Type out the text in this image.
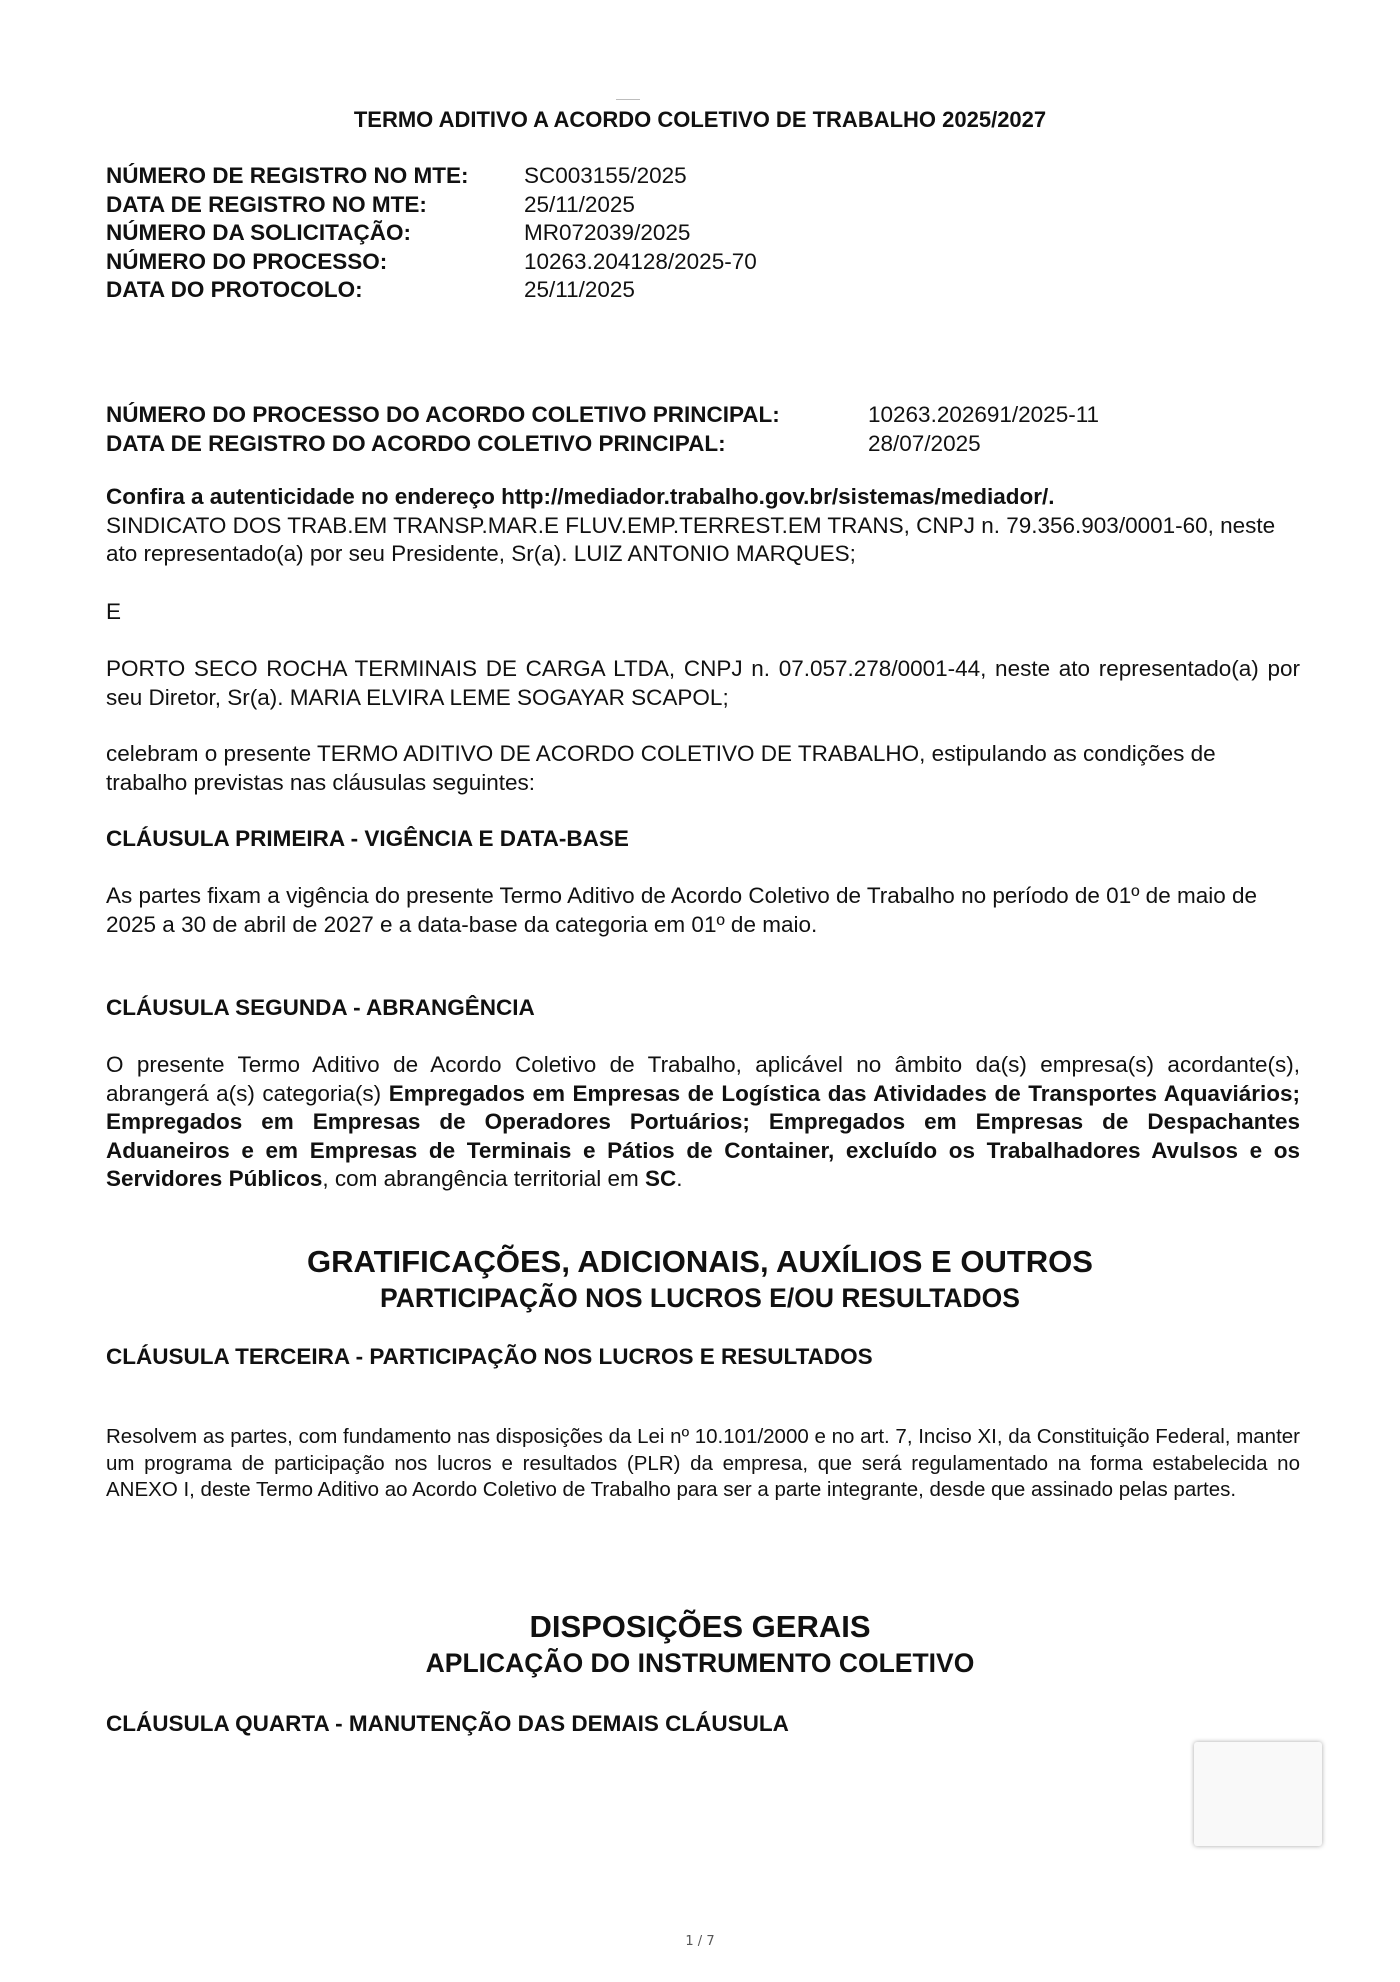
TERMO ADITIVO A ACORDO COLETIVO DE TRABALHO 2025/2027
NÚMERO DE REGISTRO NO MTE:	SC003155/2025
DATA DE REGISTRO NO MTE:	25/11/2025
NÚMERO DA SOLICITAÇÃO:	MR072039/2025
NÚMERO DO PROCESSO:	10263.204128/2025-70
DATA DO PROTOCOLO:	25/11/2025
NÚMERO DO PROCESSO DO ACORDO COLETIVO PRINCIPAL:	10263.202691/2025-11
DATA DE REGISTRO DO ACORDO COLETIVO PRINCIPAL:	28/07/2025
Confira a autenticidade no endereço http://mediador.trabalho.gov.br/sistemas/mediador/.
SINDICATO DOS TRAB.EM TRANSP.MAR.E FLUV.EMP.TERREST.EM TRANS, CNPJ n. 79.356.903/0001-60, neste ato representado(a) por seu Presidente, Sr(a). LUIZ ANTONIO MARQUES;
E
PORTO SECO ROCHA TERMINAIS DE CARGA LTDA, CNPJ n. 07.057.278/0001-44, neste ato representado(a) por seu Diretor, Sr(a). MARIA ELVIRA LEME SOGAYAR SCAPOL;
celebram o presente TERMO ADITIVO DE ACORDO COLETIVO DE TRABALHO, estipulando as condições de trabalho previstas nas cláusulas seguintes:
CLÁUSULA PRIMEIRA - VIGÊNCIA E DATA-BASE
As partes fixam a vigência do presente Termo Aditivo de Acordo Coletivo de Trabalho no período de 01º de maio de 2025 a 30 de abril de 2027 e a data-base da categoria em 01º de maio.
CLÁUSULA SEGUNDA - ABRANGÊNCIA
O presente Termo Aditivo de Acordo Coletivo de Trabalho, aplicável no âmbito da(s) empresa(s) acordante(s), abrangerá a(s) categoria(s) Empregados em Empresas de Logística das Atividades de Transportes Aquaviários; Empregados em Empresas de Operadores Portuários; Empregados em Empresas de Despachantes Aduaneiros e em Empresas de Terminais e Pátios de Container, excluído os Trabalhadores Avulsos e os Servidores Públicos, com abrangência territorial em SC.
GRATIFICAÇÕES, ADICIONAIS, AUXÍLIOS E OUTROS
PARTICIPAÇÃO NOS LUCROS E/OU RESULTADOS
CLÁUSULA TERCEIRA - PARTICIPAÇÃO NOS LUCROS E RESULTADOS
Resolvem as partes, com fundamento nas disposições da Lei nº 10.101/2000 e no art. 7, Inciso XI, da Constituição Federal, manter um programa de participação nos lucros e resultados (PLR) da empresa, que será regulamentado na forma estabelecida no ANEXO I, deste Termo Aditivo ao Acordo Coletivo de Trabalho para ser a parte integrante, desde que assinado pelas partes.
DISPOSIÇÕES GERAIS
APLICAÇÃO DO INSTRUMENTO COLETIVO
CLÁUSULA QUARTA - MANUTENÇÃO DAS DEMAIS CLÁUSULA
1 / 7
